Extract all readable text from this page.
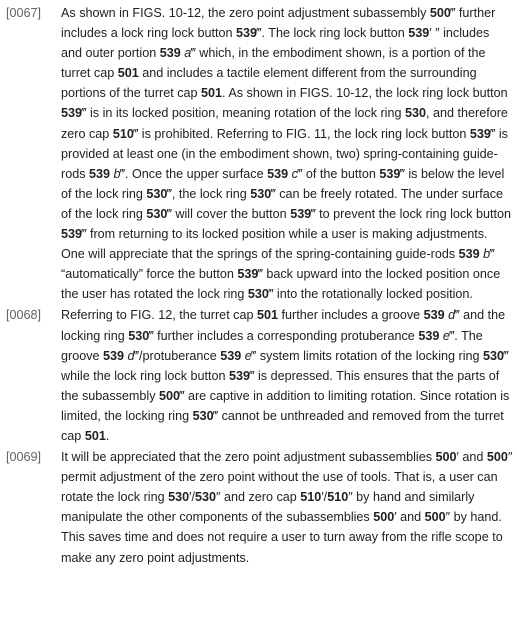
[0067]	As shown in FIGS. 10-12, the zero point adjustment subassembly 500‴ further includes a lock ring lock button 539‴. The lock ring lock button 539′ ″ includes and outer portion 539 a‴ which, in the embodiment shown, is a portion of the turret cap 501 and includes a tactile element different from the surrounding portions of the turret cap 501. As shown in FIGS. 10-12, the lock ring lock button 539‴ is in its locked position, meaning rotation of the lock ring 530, and therefore zero cap 510‴ is prohibited. Referring to FIG. 11, the lock ring lock button 539‴ is provided at least one (in the embodiment shown, two) spring-containing guide-rods 539 b‴. Once the upper surface 539 c‴ of the button 539‴ is below the level of the lock ring 530‴, the lock ring 530‴ can be freely rotated. The under surface of the lock ring 530‴ will cover the button 539‴ to prevent the lock ring lock button 539‴ from returning to its locked position while a user is making adjustments. One will appreciate that the springs of the spring-containing guide-rods 539 b‴ “automatically” force the button 539‴ back upward into the locked position once the user has rotated the lock ring 530‴ into the rotationally locked position.
[0068]	Referring to FIG. 12, the turret cap 501 further includes a groove 539 d‴ and the locking ring 530‴ further includes a corresponding protuberance 539 e‴. The groove 539 d‴/protuberance 539 e‴ system limits rotation of the locking ring 530‴ while the lock ring lock button 539‴ is depressed. This ensures that the parts of the subassembly 500‴ are captive in addition to limiting rotation. Since rotation is limited, the locking ring 530‴ cannot be unthreaded and removed from the turret cap 501.
[0069]	It will be appreciated that the zero point adjustment subassemblies 500′ and 500″ permit adjustment of the zero point without the use of tools. That is, a user can rotate the lock ring 530′/530″ and zero cap 510′/510″ by hand and similarly manipulate the other components of the subassemblies 500′ and 500″ by hand. This saves time and does not require a user to turn away from the rifle scope to make any zero point adjustments.
